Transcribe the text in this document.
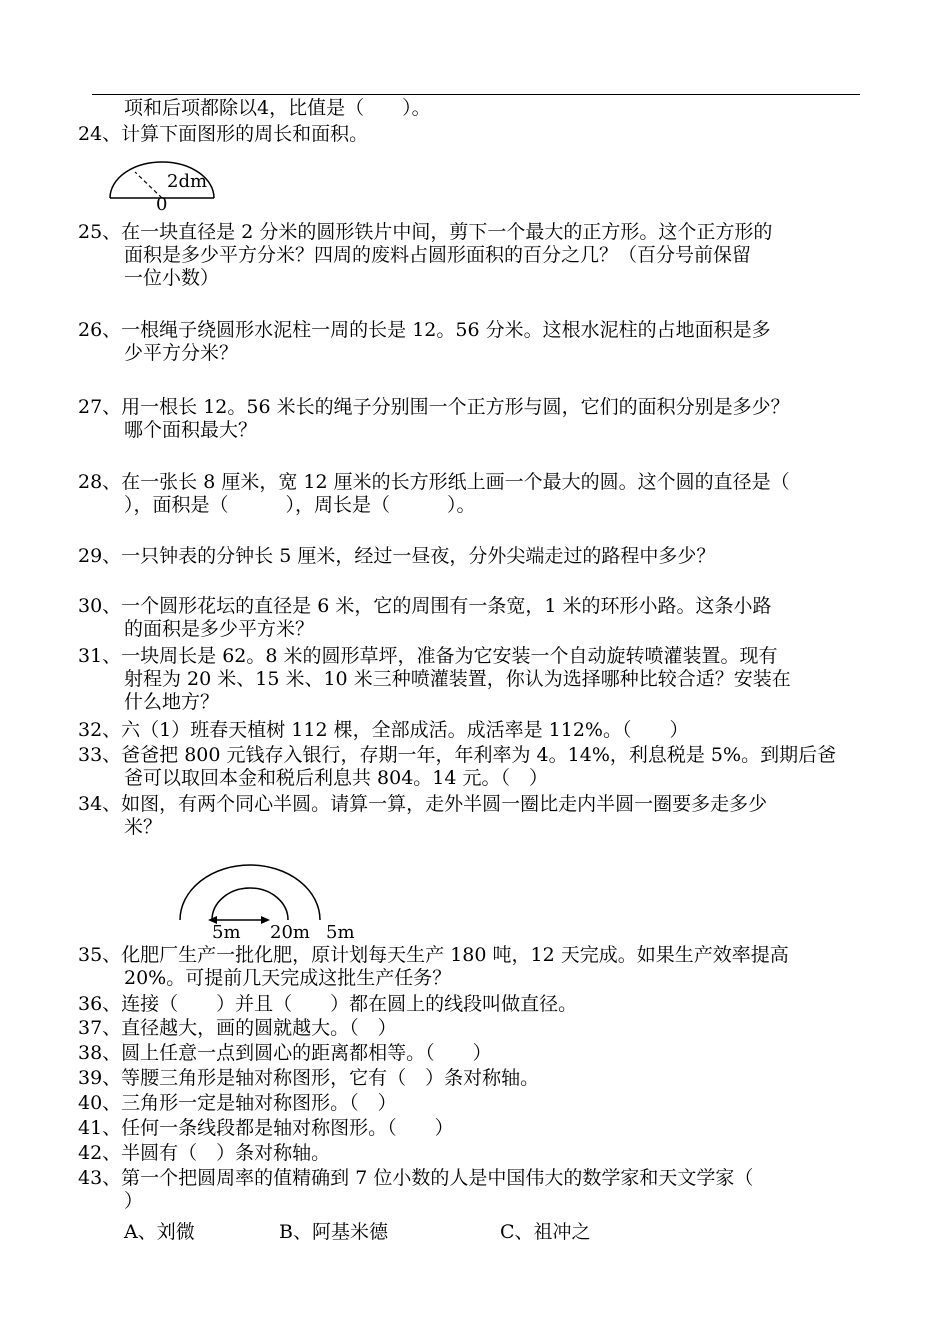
项和后项都除以4，比值是（　　）。
24、计算下面图形的周长和面积。
2dm
0
25、在一块直径是 2 分米的圆形铁片中间，剪下一个最大的正方形。这个正方形的
面积是多少平方分米？四周的废料占圆形面积的百分之几？（百分号前保留
一位小数）
26、一根绳子绕圆形水泥柱一周的长是 12。56 分米。这根水泥柱的占地面积是多
少平方分米？
27、用一根长 12。56 米长的绳子分别围一个正方形与圆，它们的面积分别是多少？
哪个面积最大？
28、在一张长 8 厘米，宽 12 厘米的长方形纸上画一个最大的圆。这个圆的直径是（
），面积是（　　　），周长是（　　　）。
29、一只钟表的分钟长 5 厘米，经过一昼夜，分外尖端走过的路程中多少？
30、一个圆形花坛的直径是 6 米，它的周围有一条宽，1 米的环形小路。这条小路
的面积是多少平方米？
31、一块周长是 62。8 米的圆形草坪，准备为它安装一个自动旋转喷灌装置。现有
射程为 20 米、15 米、10 米三种喷灌装置，你认为选择哪种比较合适？安装在
什么地方？
32、六（1）班春天植树 112 棵，全部成活。成活率是 112%。（　　）
33、爸爸把 800 元钱存入银行，存期一年，年利率为 4。14%，利息税是 5%。到期后爸
爸可以取回本金和税后利息共 804。14 元。（　）
34、如图，有两个同心半圆。请算一算，走外半圆一圈比走内半圆一圈要多走多少
米？
5m 20m 5m
35、化肥厂生产一批化肥，原计划每天生产 180 吨，12 天完成。如果生产效率提高
20%。可提前几天完成这批生产任务？
36、连接（　　）并且（　　）都在圆上的线段叫做直径。
37、直径越大，画的圆就越大。（　）
38、圆上任意一点到圆心的距离都相等。（　　）
39、等腰三角形是轴对称图形，它有（　）条对称轴。
40、三角形一定是轴对称图形。（　）
41、任何一条线段都是轴对称图形。（　　）
42、半圆有（　）条对称轴。
43、第一个把圆周率的值精确到 7 位小数的人是中国伟大的数学家和天文学家（
）
A、刘微	B、阿基米德	C、祖冲之
